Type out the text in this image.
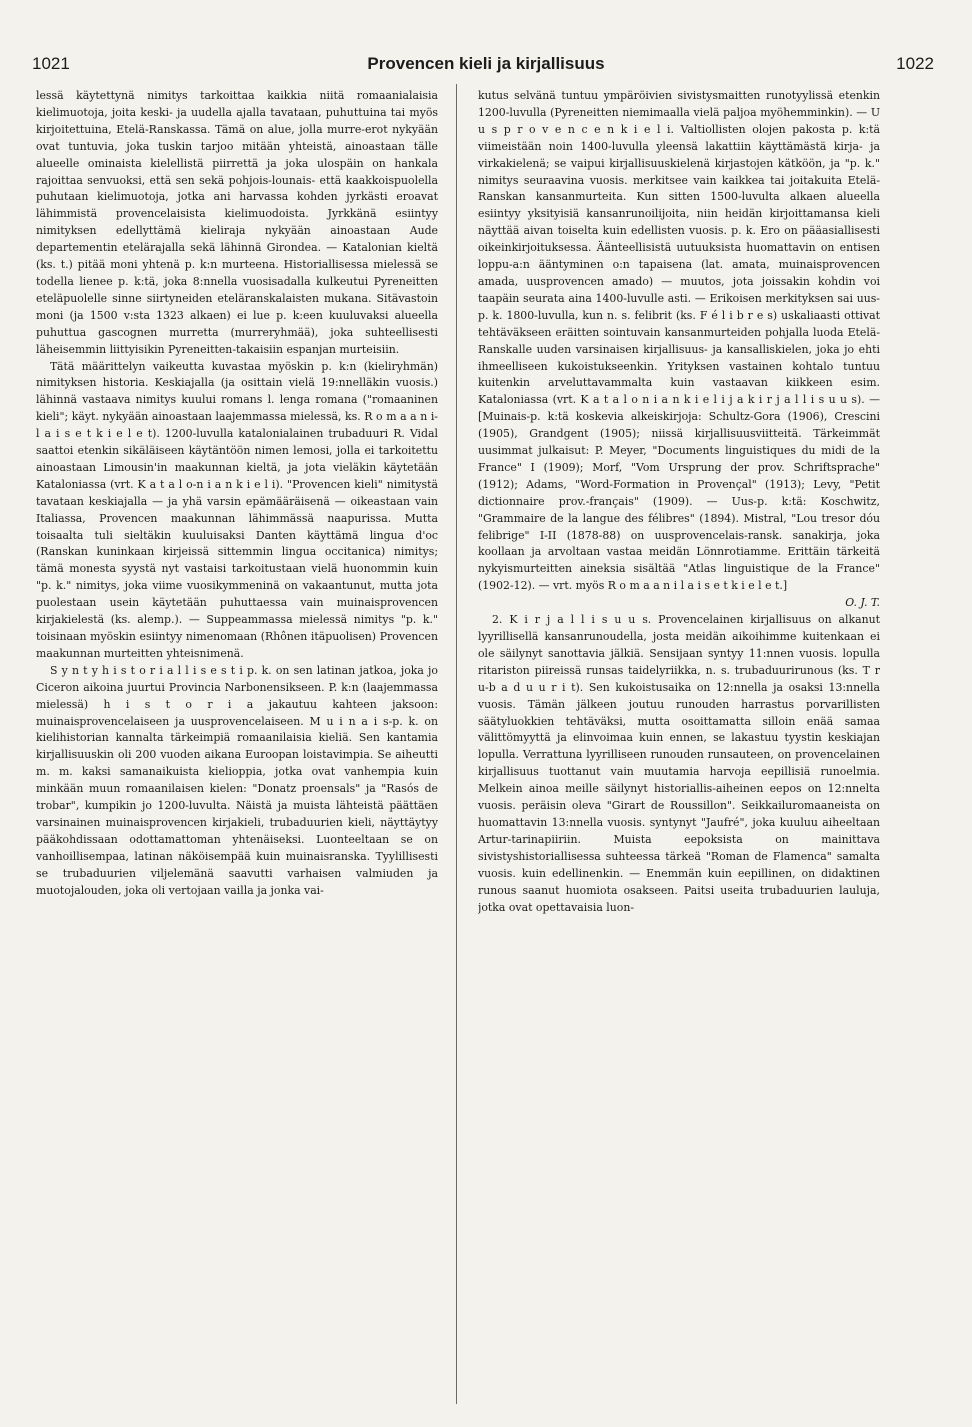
1021	Provencen kieli ja kirjallisuus	1022

lessä käytettynä nimitys tarkoittaa kaikkia niitä romaanialaisia kielimuotoja, joita keski- ja uudella ajalla tavataan, puhuttuina tai myös kirjoitettuina, Etelä-Ranskassa. Tämä on alue, jolla murre-erot nykyään ovat tuntuvia, joka tuskin tarjoo mitään yhteistä, ainoastaan tälle alueelle ominaista kielellistä piirrettä ja joka ulospäin on hankala rajoittaa senvuoksi, että sen sekä pohjois-lounais- että kaakkoispuolella puhutaan kielimuotoja, jotka ani harvassa kohden jyrkästi eroavat lähimmistä provencelaisista kielimuodoista. Jyrkkänä esiintyy nimityksen edellyttämä kieliraja nykyään ainoastaan Aude departementin etelärajalla sekä lähinnä Girondea. — Katalonian kieltä (ks. t.) pitää moni yhtenä p. k:n murteena. Historiallisessa mielessä se todella lienee p. k:tä, joka 8:nnella vuosisadalla kulkeutui Pyreneitten eteläpuolelle sinne siirtyneiden eteläranskalaisten mukana. Sitävastoin moni (ja 1500 v:sta 1323 alkaen) ei lue p. k:een kuuluvaksi alueella puhuttua gascognen murretta (murreryhmää), joka suhteellisesti läheisemmin liittyisikin Pyreneitten-takaisiin espanjan murteisiin.

Tätä määrittelyn vaikeutta kuvastaa myöskin p. k:n (kieliryhmän) nimityksen historia. Keskiajalla (ja osittain vielä 19:nnelläkin vuosis.) lähinnä vastaava nimitys kuului romans l. lenga romana ("romaaninen kieli"; käyt. nykyään ainoastaan laajemmassa mielessä, ks. R o m a a n i-l a i s e t k i e l e t). 1200-luvulla katalonialainen trubaduuri R. Vidal saattoi etenkin sikäläiseen käytäntöön nimen lemosi, jolla ei tarkoitettu ainoastaan Limousin'in maakunnan kieltä, ja jota vieläkin käytetään Kataloniassa (vrt. K a t a l o-n i a n k i e l i). "Provencen kieli" nimitystä tavataan keskiajalla — ja yhä varsin epämääräisenä — oikeastaan vain Italiassa, Provencen maakunnan lähimmässä naapurissa. Mutta toisaalta tuli sieltäkin kuuluisaksi Danten käyttämä lingua d'oc (Ranskan kuninkaan kirjeissä sittemmin lingua occitanica) nimitys; tämä monesta syystä nyt vastaisi tarkoitustaan vielä huonommin kuin "p. k." nimitys, joka viime vuosikymmeninä on vakaantunut, mutta jota puolestaan usein käytetään puhuttaessa vain muinaisprovencen kirjakielestä (ks. alemp.). — Suppeammassa mielessä nimitys "p. k." toisinaan myöskin esiintyy nimenomaan (Rhônen itäpuolisen) Provencen maakunnan murteitten yhteisnimenä.

S y n t y h i s t o r i a l l i s e s t i p. k. on sen latinan jatkoa, joka jo Ciceron aikoina juurtui Provincia Narbonensikseen. P. k:n (laajemmassa mielessä) h i s t o r i a jakautuu kahteen jaksoon: muinaisprovencelaiseen ja uusprovencelaiseen. M u i n a i s-p. k. on kielihistorian kannalta tärkeimpiä romaanilaisia kieliä. Sen kantamia kirjallisuuskin oli 200 vuoden aikana Euroopan loistavimpia. Se aiheutti m. m. kaksi samanaikuista kielioppia, jotka ovat vanhempia kuin minkään muun romaanilaisen kielen: "Donatz proensals" ja "Rasós de trobar", kumpikin jo 1200-luvulta. Näistä ja muista lähteistä päättäen varsinainen muinaisprovencen kirjakieli, trubaduurien kieli, näyttäytyy pääkohdissaan odottamattoman yhtenäiseksi. Luonteeltaan se on vanhoillisempaa, latinan näköisempää kuin muinaisranska. Tyylillisesti se trubaduurien viljelemänä saavutti varhaisen valmiuden ja muotojalouden, joka oli vertojaan vailla ja jonka vai-

kutus selvänä tuntuu ympäröivien sivistysmaitten runotyylissä etenkin 1200-luvulla (Pyreneitten niemimaalla vielä paljoa myöhemminkin). — U u s p r o v e n c e n k i e l i. Valtiollisten olojen pakosta p. k:tä viimeistään noin 1400-luvulla yleensä lakattiin käyttämästä kirja- ja virkakielenä; se vaipui kirjallisuuskielenä kirjastojen kätköön, ja "p. k." nimitys seuraavina vuosis. merkitsee vain kaikkea tai joitakuita Etelä-Ranskan kansanmurteita. Kun sitten 1500-luvulta alkaen alueella esiintyy yksityisiä kansanrunoilijoita, niin heidän kirjoittamansa kieli näyttää aivan toiselta kuin edellisten vuosis. p. k. Ero on pääasiallisesti oikeinkirjoituksessa. Äänteellisistä uutuuksista huomattavin on entisen loppu-a:n ääntyminen o:n tapaisena (lat. amata, muinaisprovencen amada, uusprovencen amado) — muutos, jota joissakin kohdin voi taapäin seurata aina 1400-luvulle asti. — Erikoisen merkityksen sai uus-p. k. 1800-luvulla, kun n. s. felibrit (ks. F é l i b r e s) uskaliaasti ottivat tehtäväkseen eräitten sointuvain kansanmurteiden pohjalla luoda Etelä-Ranskalle uuden varsinaisen kirjallisuus- ja kansalliskielen, joka jo ehti ihmeelliseen kukoistukseenkin. Yrityksen vastainen kohtalo tuntuu kuitenkin arveluttavammalta kuin vastaavan kiikkeen esim. Kataloniassa (vrt. K a t a l o n i a n k i e l i j a k i r j a l l i s u u s). — [Muinais-p. k:tä koskevia alkeiskirjoja: Schultz-Gora (1906), Crescini (1905), Grandgent (1905); niissä kirjallisuusviitteitä. Tärkeimmät uusimmat julkaisut: P. Meyer, "Documents linguistiques du midi de la France" I (1909); Morf, "Vom Ursprung der prov. Schriftsprache" (1912); Adams, "Word-Formation in Provençal" (1913); Levy, "Petit dictionnaire prov.-français" (1909). — Uus-p. k:tä: Koschwitz, "Grammaire de la langue des félibres" (1894). Mistral, "Lou tresor dóu felibrige" I-II (1878-88) on uusprovencelais-ransk. sanakirja, joka koollaan ja arvoltaan vastaa meidän Lönnrotiamme. Erittäin tärkeitä nykyismurteitten aineksia sisältää "Atlas linguistique de la France" (1902-12). — vrt. myös R o m a a n i l a i s e t k i e l e t.]

O. J. T.

2. K i r j a l l i s u u s. Provencelainen kirjallisuus on alkanut lyyrillisellä kansanrunoudella, josta meidän aikoihimme kuitenkaan ei ole säilynyt sanottavia jälkiä. Sensijaan syntyy 11:nnen vuosis. lopulla ritariston piireissä runsas taidelyriikka, n. s. trubaduurirunous (ks. T r u-b a d u u r i t). Sen kukoistusaika on 12:nnella ja osaksi 13:nnella vuosis. Tämän jälkeen joutuu runouden harrastus porvarillisten säätyluokkien tehtäväksi, mutta osoittamatta silloin enää samaa välittömyyttä ja elinvoimaa kuin ennen, se lakastuu tyystin keskiajan lopulla. Verrattuna lyyrilliseen runouden runsauteen, on provencelainen kirjallisuus tuottanut vain muutamia harvoja eepillisiä runoelmia. Melkein ainoa meille säilynyt historiallis-aiheinen eepos on 12:nnelta vuosis. peräisin oleva "Girart de Roussillon". Seikkailuromaaneista on huomattavin 13:nnella vuosis. syntynyt "Jaufré", joka kuuluu aiheeltaan Artur-tarinapiiriin. Muista eepoksista on mainittava sivistyshistoriallisessa suhteessa tärkeä "Roman de Flamenca" samalta vuosis. kuin edellinenkin. — Enemmän kuin eepillinen, on didaktinen runous saanut huomiota osakseen. Paitsi useita trubaduurien lauluja, jotka ovat opettavaisia luon-
